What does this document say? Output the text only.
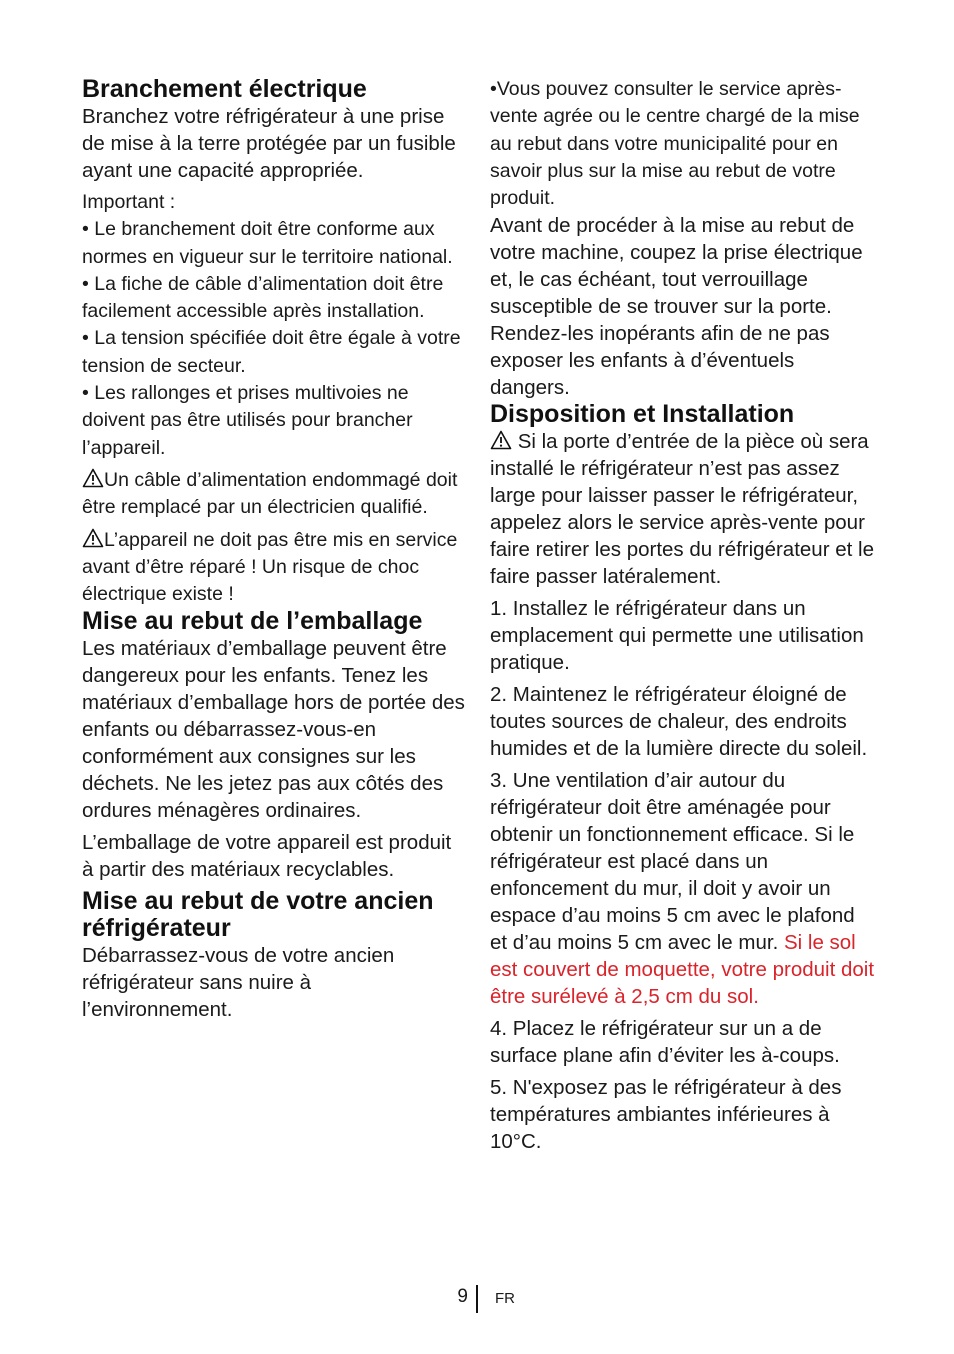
Branchement électrique

Branchez votre réfrigérateur à une prise de mise à la terre protégée par un fusible ayant une capacité appropriée.

Important :

• Le branchement doit être conforme aux normes en vigueur sur le territoire national.

• La fiche de câble d’alimentation doit être facilement accessible après installation.

• La tension spécifiée doit être égale à votre tension de secteur.

• Les rallonges et prises multivoies ne doivent pas être utilisés pour brancher l’appareil.

Un câble d’alimentation endommagé doit être remplacé par un électricien qualifié.

L’appareil ne doit pas être mis en service avant d’être réparé ! Un risque de choc électrique existe !

Mise au rebut de l’emballage

Les matériaux d’emballage peuvent être dangereux pour les enfants. Tenez les matériaux d’emballage hors de portée des enfants ou débarrassez-vous-en conformément aux consignes sur les déchets. Ne les jetez pas aux côtés des ordures ménagères ordinaires.

L’emballage de votre appareil est produit à partir des matériaux recyclables.

Mise au rebut de votre ancien réfrigérateur

Débarrassez-vous de votre ancien réfrigérateur sans nuire à l’environnement.

•Vous pouvez consulter le service après-vente agrée ou le centre chargé de la mise au rebut dans votre municipalité pour en savoir plus sur la mise au rebut de votre produit.

Avant de procéder à la mise au rebut de votre machine, coupez la prise électrique et, le cas échéant, tout verrouillage susceptible de se trouver sur la porte. Rendez-les inopérants afin de ne pas exposer les enfants à d’éventuels dangers.

Disposition et Installation

Si la porte d’entrée de la pièce où sera installé le réfrigérateur n’est pas assez large pour laisser passer le réfrigérateur, appelez alors le service après-vente pour faire retirer les portes du réfrigérateur et le faire passer latéralement.

1. Installez le réfrigérateur dans un emplacement qui permette une utilisation pratique.

2. Maintenez le réfrigérateur éloigné de toutes sources de chaleur, des endroits humides et de la lumière directe du soleil.

3. Une ventilation d’air autour du réfrigérateur doit être aménagée pour obtenir un fonctionnement efficace. Si le réfrigérateur est placé dans un enfoncement du mur, il doit y avoir un espace d’au moins 5 cm avec le plafond et d’au moins 5 cm avec le mur. Si le sol est couvert de moquette, votre produit doit être surélevé à 2,5 cm du sol.

4. Placez le réfrigérateur sur un a de surface plane afin d’éviter les à-coups.

5. N'exposez pas le réfrigérateur à des températures ambiantes inférieures à 10°C.

9 FR
